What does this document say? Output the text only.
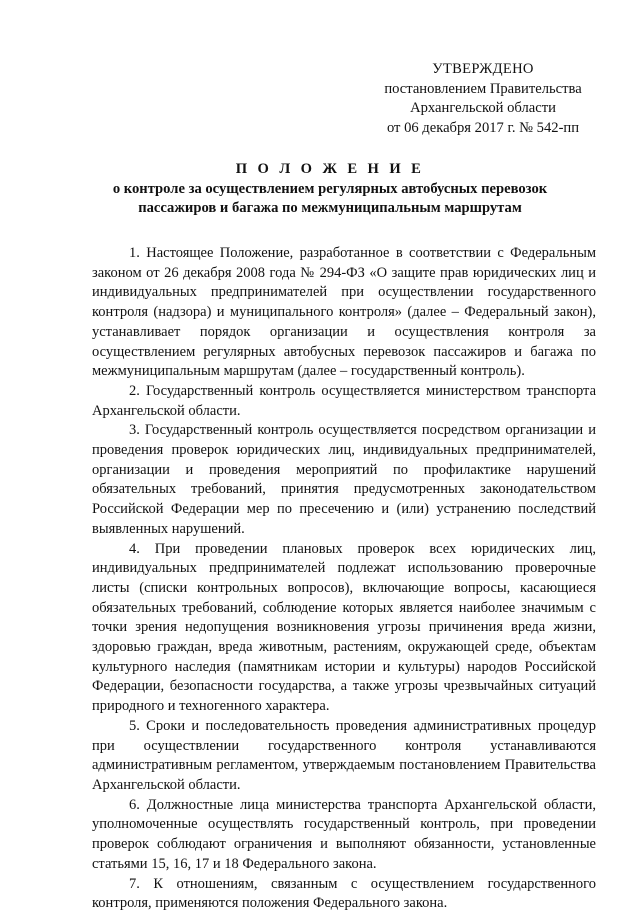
УТВЕРЖДЕНО
постановлением Правительства
Архангельской области
от 06 декабря 2017 г. № 542-пп
П О Л О Ж Е Н И Е
о контроле за осуществлением регулярных автобусных перевозок
пассажиров и багажа по межмуниципальным маршрутам

1. Настоящее Положение, разработанное в соответствии с Федеральным законом от 26 декабря 2008 года № 294-ФЗ «О защите прав юридических лиц и индивидуальных предпринимателей при осуществлении государственного контроля (надзора) и муниципального контроля» (далее – Федеральный закон), устанавливает порядок организации и осуществления контроля за осуществлением регулярных автобусных перевозок пассажиров и багажа по межмуниципальным маршрутам (далее – государственный контроль).

2. Государственный контроль осуществляется министерством транспорта Архангельской области.

3. Государственный контроль осуществляется посредством организации и проведения проверок юридических лиц, индивидуальных предпринимателей, организации и проведения мероприятий по профилактике нарушений обязательных требований, принятия предусмотренных законодательством Российской Федерации мер по пресечению и (или) устранению последствий выявленных нарушений.

4. При проведении плановых проверок всех юридических лиц, индивидуальных предпринимателей подлежат использованию проверочные листы (списки контрольных вопросов), включающие вопросы, касающиеся обязательных требований, соблюдение которых является наиболее значимым с точки зрения недопущения возникновения угрозы причинения вреда жизни, здоровью граждан, вреда животным, растениям, окружающей среде, объектам культурного наследия (памятникам истории и культуры) народов Российской Федерации, безопасности государства, а также угрозы чрезвычайных ситуаций природного и техногенного характера.

5. Сроки и последовательность проведения административных процедур при осуществлении государственного контроля устанавливаются административным регламентом, утверждаемым постановлением Правительства Архангельской области.

6. Должностные лица министерства транспорта Архангельской области, уполномоченные осуществлять государственный контроль, при проведении проверок соблюдают ограничения и выполняют обязанности, установленные статьями 15, 16, 17 и 18 Федерального закона.

7. К отношениям, связанным с осуществлением государственного контроля, применяются положения Федерального закона.
